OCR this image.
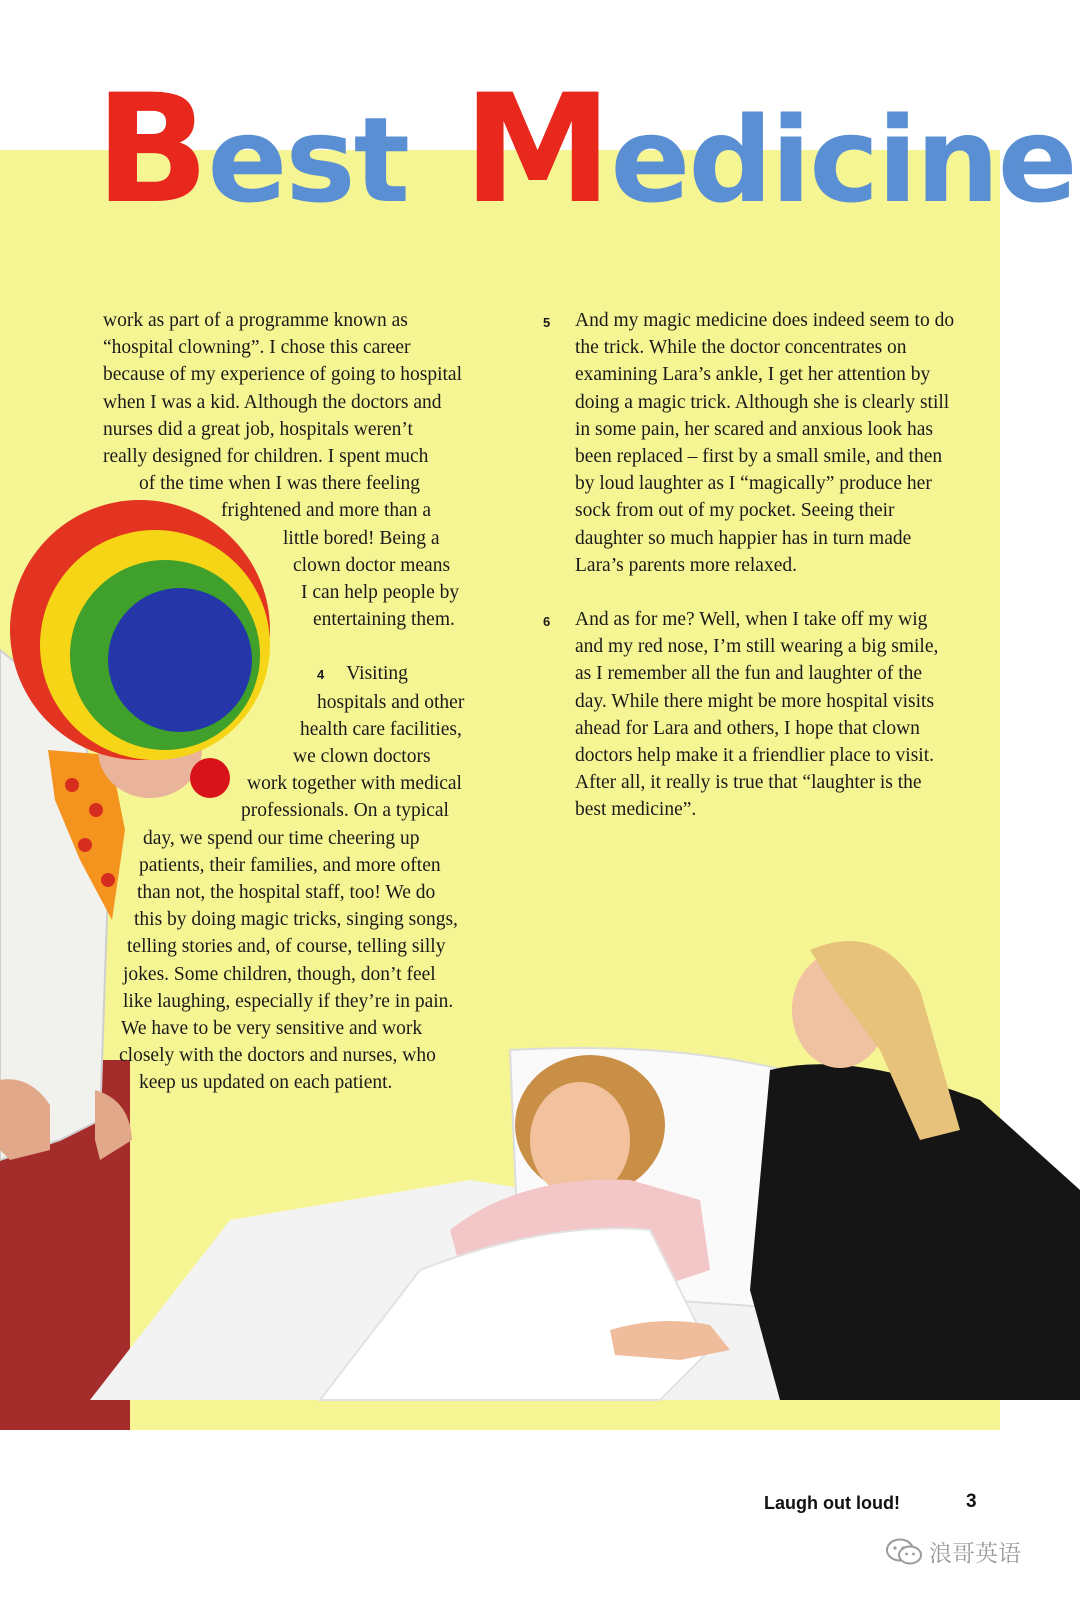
Best Medicine
work as part of a programme known as
“hospital clowning”. I chose this career
because of my experience of going to hospital
when I was a kid. Although the doctors and
nurses did a great job, hospitals weren’t
really designed for children. I spent much
of the time when I was there feeling
frightened and more than a
little bored! Being a
clown doctor means
I can help people by
entertaining them.
4 Visiting
hospitals and other
health care facilities,
we clown doctors
work together with medical
professionals. On a typical
day, we spend our time cheering up
patients, their families, and more often
than not, the hospital staff, too! We do
this by doing magic tricks, singing songs,
telling stories and, of course, telling silly
jokes. Some children, though, don’t feel
like laughing, especially if they’re in pain.
We have to be very sensitive and work
closely with the doctors and nurses, who
keep us updated on each patient.

5 And my magic medicine does indeed seem to do the trick. While the doctor concentrates on examining Lara’s ankle, I get her attention by doing a magic trick. Although she is clearly still in some pain, her scared and anxious look has been replaced – first by a small smile, and then by loud laughter as I “magically” produce her sock from out of my pocket. Seeing their daughter so much happier has in turn made Lara’s parents more relaxed.

6 And as for me? Well, when I take off my wig and my red nose, I’m still wearing a big smile, as I remember all the fun and laughter of the day. While there might be more hospital visits ahead for Lara and others, I hope that clown doctors help make it a friendlier place to visit. After all, it really is true that “laughter is the best medicine”.

Laugh out loud!	3
浪哥英语
